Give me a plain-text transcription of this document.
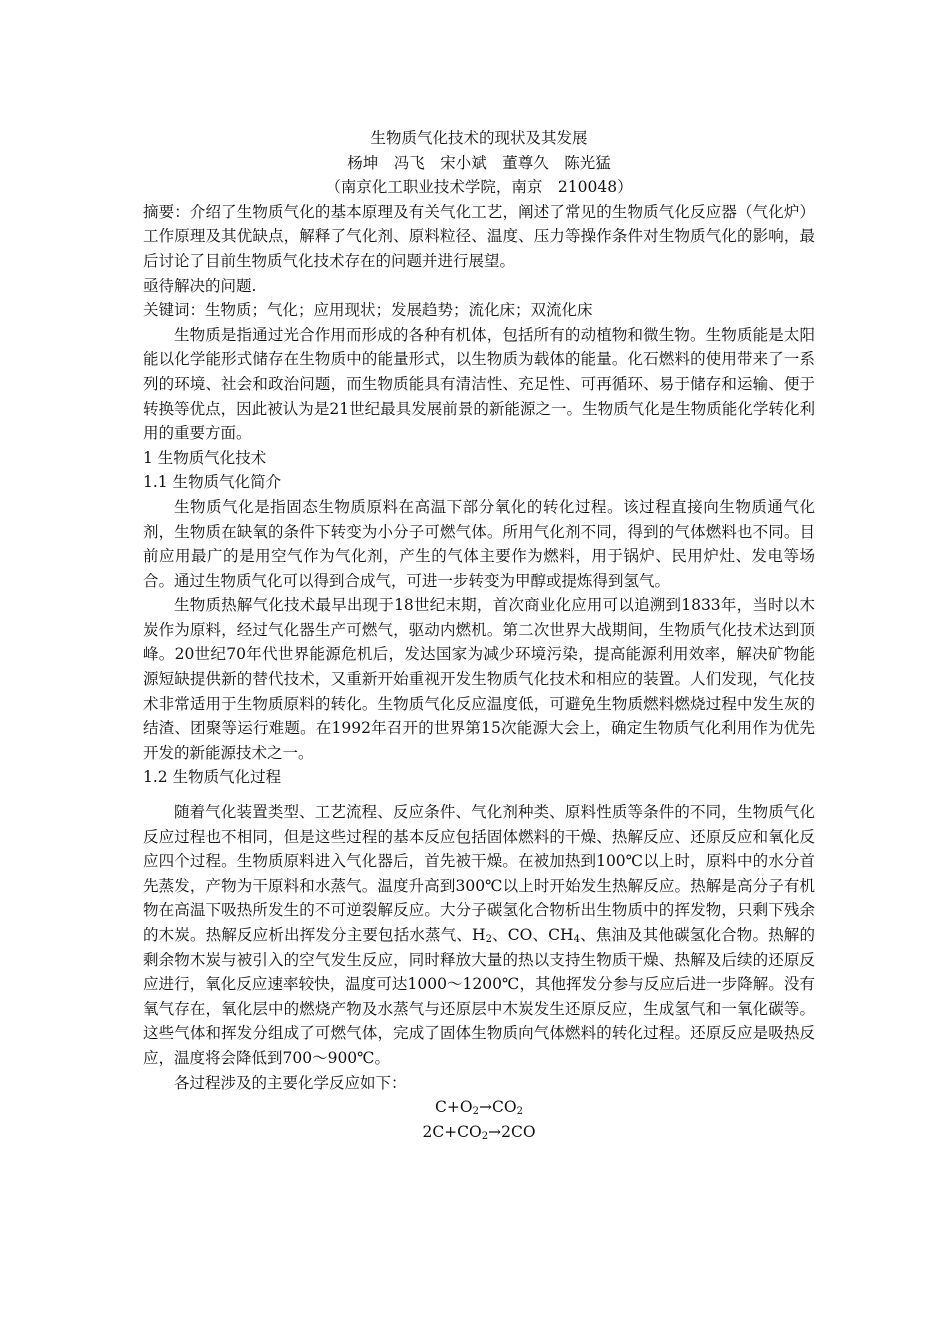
生物质气化技术的现状及其发展
杨坤　冯飞　宋小斌　董尊久　陈光猛
（南京化工职业技术学院，南京　210048）

摘要：介绍了生物质气化的基本原理及有关气化工艺，阐述了常见的生物质气化反应器（气化炉）工作原理及其优缺点，解释了气化剂、原料粒径、温度、压力等操作条件对生物质气化的影响，最后讨论了目前生物质气化技术存在的问题并进行展望。

亟待解决的问题.

关键词：生物质；气化；应用现状；发展趋势；流化床；双流化床

生物质是指通过光合作用而形成的各种有机体，包括所有的动植物和微生物。生物质能是太阳能以化学能形式储存在生物质中的能量形式，以生物质为载体的能量。化石燃料的使用带来了一系列的环境、社会和政治问题，而生物质能具有清洁性、充足性、可再循环、易于储存和运输、便于转换等优点，因此被认为是21世纪最具发展前景的新能源之一。生物质气化是生物质能化学转化利用的重要方面。

1 生物质气化技术

1.1 生物质气化简介

生物质气化是指固态生物质原料在高温下部分氧化的转化过程。该过程直接向生物质通气化剂，生物质在缺氧的条件下转变为小分子可燃气体。所用气化剂不同，得到的气体燃料也不同。目前应用最广的是用空气作为气化剂，产生的气体主要作为燃料，用于锅炉、民用炉灶、发电等场合。通过生物质气化可以得到合成气，可进一步转变为甲醇或提炼得到氢气。

生物质热解气化技术最早出现于18世纪末期，首次商业化应用可以追溯到1833年，当时以木炭作为原料，经过气化器生产可燃气，驱动内燃机。第二次世界大战期间，生物质气化技术达到顶峰。20世纪70年代世界能源危机后，发达国家为减少环境污染，提高能源利用效率，解决矿物能源短缺提供新的替代技术，又重新开始重视开发生物质气化技术和相应的装置。人们发现，气化技术非常适用于生物质原料的转化。生物质气化反应温度低，可避免生物质燃料燃烧过程中发生灰的结渣、团聚等运行难题。在1992年召开的世界第15次能源大会上，确定生物质气化利用作为优先开发的新能源技术之一。

1.2 生物质气化过程

随着气化装置类型、工艺流程、反应条件、气化剂种类、原料性质等条件的不同，生物质气化反应过程也不相同，但是这些过程的基本反应包括固体燃料的干燥、热解反应、还原反应和氧化反应四个过程。生物质原料进入气化器后，首先被干燥。在被加热到100℃以上时，原料中的水分首先蒸发，产物为干原料和水蒸气。温度升高到300℃以上时开始发生热解反应。热解是高分子有机物在高温下吸热所发生的不可逆裂解反应。大分子碳氢化合物析出生物质中的挥发物，只剩下残余的木炭。热解反应析出挥发分主要包括水蒸气、$H_2$、CO、$CH_4$、焦油及其他碳氢化合物。热解的剩余物木炭与被引入的空气发生反应，同时释放大量的热以支持生物质干燥、热解及后续的还原反应进行，氧化反应速率较快，温度可达1000～1200℃，其他挥发分参与反应后进一步降解。没有氧气存在，氧化层中的燃烧产物及水蒸气与还原层中木炭发生还原反应，生成氢气和一氧化碳等。这些气体和挥发分组成了可燃气体，完成了固体生物质向气体燃料的转化过程。还原反应是吸热反应，温度将会降低到700～900℃。

各过程涉及的主要化学反应如下：

$C+O_2\to CO_2$

$2C+CO_2\to 2CO$
